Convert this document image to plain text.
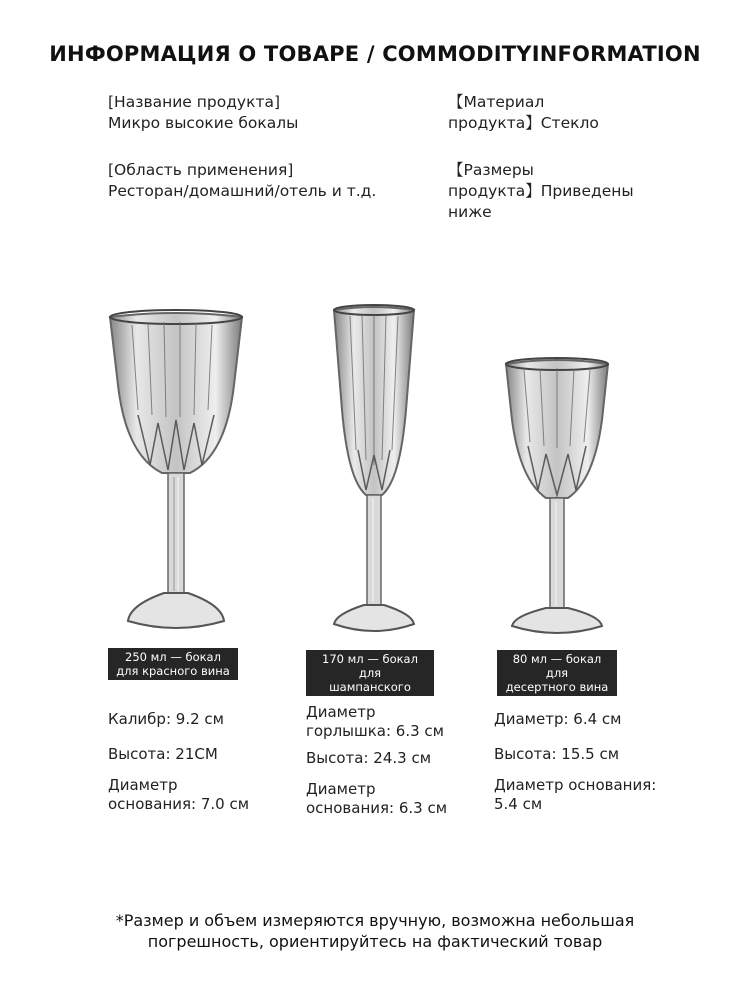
ИНФОРМАЦИЯ О ТОВАРЕ / COMMODITYINFORMATION
[Название продукта]
Микро высокие бокалы
【Материал
продукта】Стекло
[Область применения]
Ресторан/домашний/отель и т.д.
【Размеры
продукта】Приведены
ниже
250 мл — бокал
для красного вина
170 мл — бокал для
шампанского
80 мл — бокал для
десертного вина
Калибр: 9.2 см
Высота: 21CM
Диаметр
основания: 7.0 см
Диаметр
горлышка: 6.3 см
Высота: 24.3 см
Диаметр
основания: 6.3 см
Диаметр: 6.4 см
Высота: 15.5 см
Диаметр основания:
5.4 см
*Размер и объем измеряются вручную, возможна небольшая
погрешность, ориентируйтесь на фактический товар
